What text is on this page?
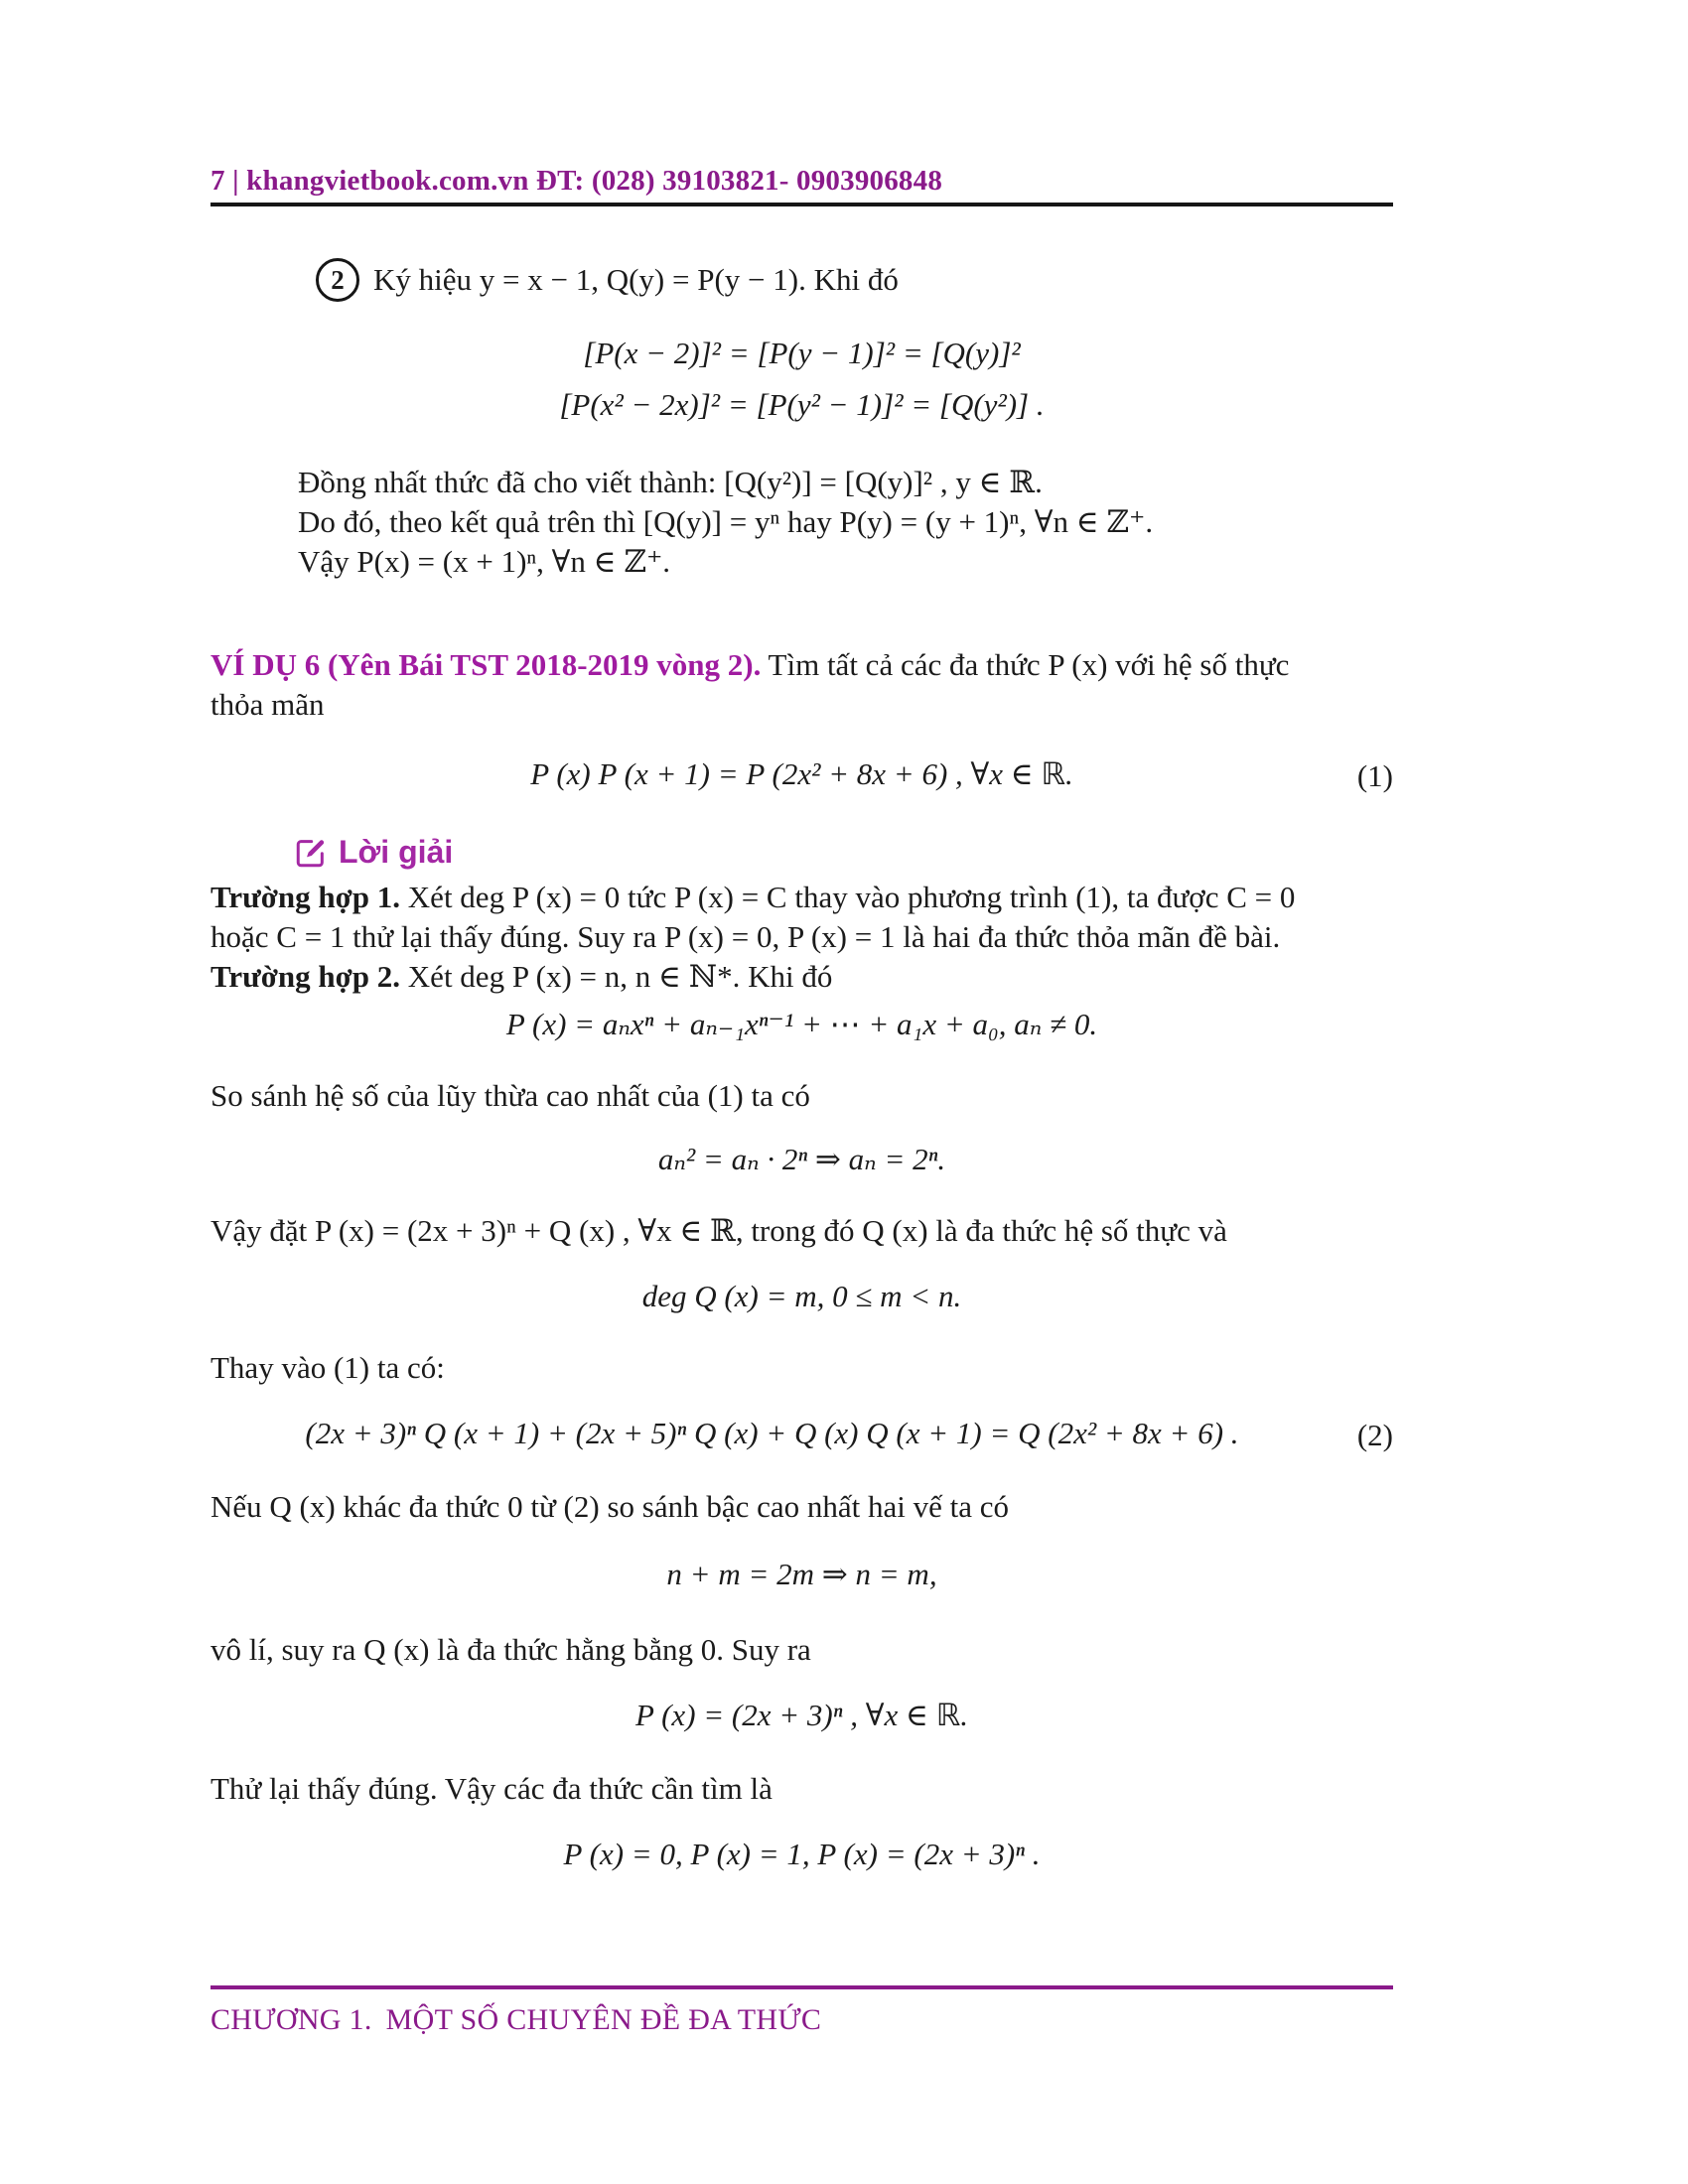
7 | khangvietbook.com.vn ĐT: (028) 39103821- 0903906848
2 Ký hiệu y = x − 1, Q(y) = P(y − 1). Khi đó
[P(x − 2)]² = [P(y − 1)]² = [Q(y)]²
[P(x² − 2x)]² = [P(y² − 1)]² = [Q(y²)] .
Đồng nhất thức đã cho viết thành: [Q(y²)] = [Q(y)]² , y ∈ ℝ.
Do đó, theo kết quả trên thì [Q(y)] = yⁿ hay P(y) = (y + 1)ⁿ, ∀n ∈ ℤ⁺.
Vậy P(x) = (x + 1)ⁿ, ∀n ∈ ℤ⁺.
VÍ DỤ 6 (Yên Bái TST 2018-2019 vòng 2). Tìm tất cả các đa thức P (x) với hệ số thực
thỏa mãn
P (x) P (x + 1) = P (2x² + 8x + 6) , ∀x ∈ ℝ.	(1)
Lời giải
Trường hợp 1. Xét deg P (x) = 0 tức P (x) = C thay vào phương trình (1), ta được C = 0
hoặc C = 1 thử lại thấy đúng. Suy ra P (x) = 0, P (x) = 1 là hai đa thức thỏa mãn đề bài.
Trường hợp 2. Xét deg P (x) = n, n ∈ ℕ*. Khi đó
P (x) = aₙxⁿ + aₙ₋₁xⁿ⁻¹ + ⋯ + a₁x + a₀, aₙ ≠ 0.
So sánh hệ số của lũy thừa cao nhất của (1) ta có
aₙ² = aₙ · 2ⁿ ⇒ aₙ = 2ⁿ.
Vậy đặt P (x) = (2x + 3)ⁿ + Q (x) , ∀x ∈ ℝ, trong đó Q (x) là đa thức hệ số thực và
deg Q (x) = m, 0 ≤ m < n.
Thay vào (1) ta có:
(2x + 3)ⁿ Q (x + 1) + (2x + 5)ⁿ Q (x) + Q (x) Q (x + 1) = Q (2x² + 8x + 6) .	(2)
Nếu Q (x) khác đa thức 0 từ (2) so sánh bậc cao nhất hai vế ta có
n + m = 2m ⇒ n = m,
vô lí, suy ra Q (x) là đa thức hằng bằng 0. Suy ra
P (x) = (2x + 3)ⁿ , ∀x ∈ ℝ.
Thử lại thấy đúng. Vậy các đa thức cần tìm là
P (x) = 0, P (x) = 1, P (x) = (2x + 3)ⁿ .
CHƯƠNG 1. MỘT SỐ CHUYÊN ĐỀ ĐA THỨC
